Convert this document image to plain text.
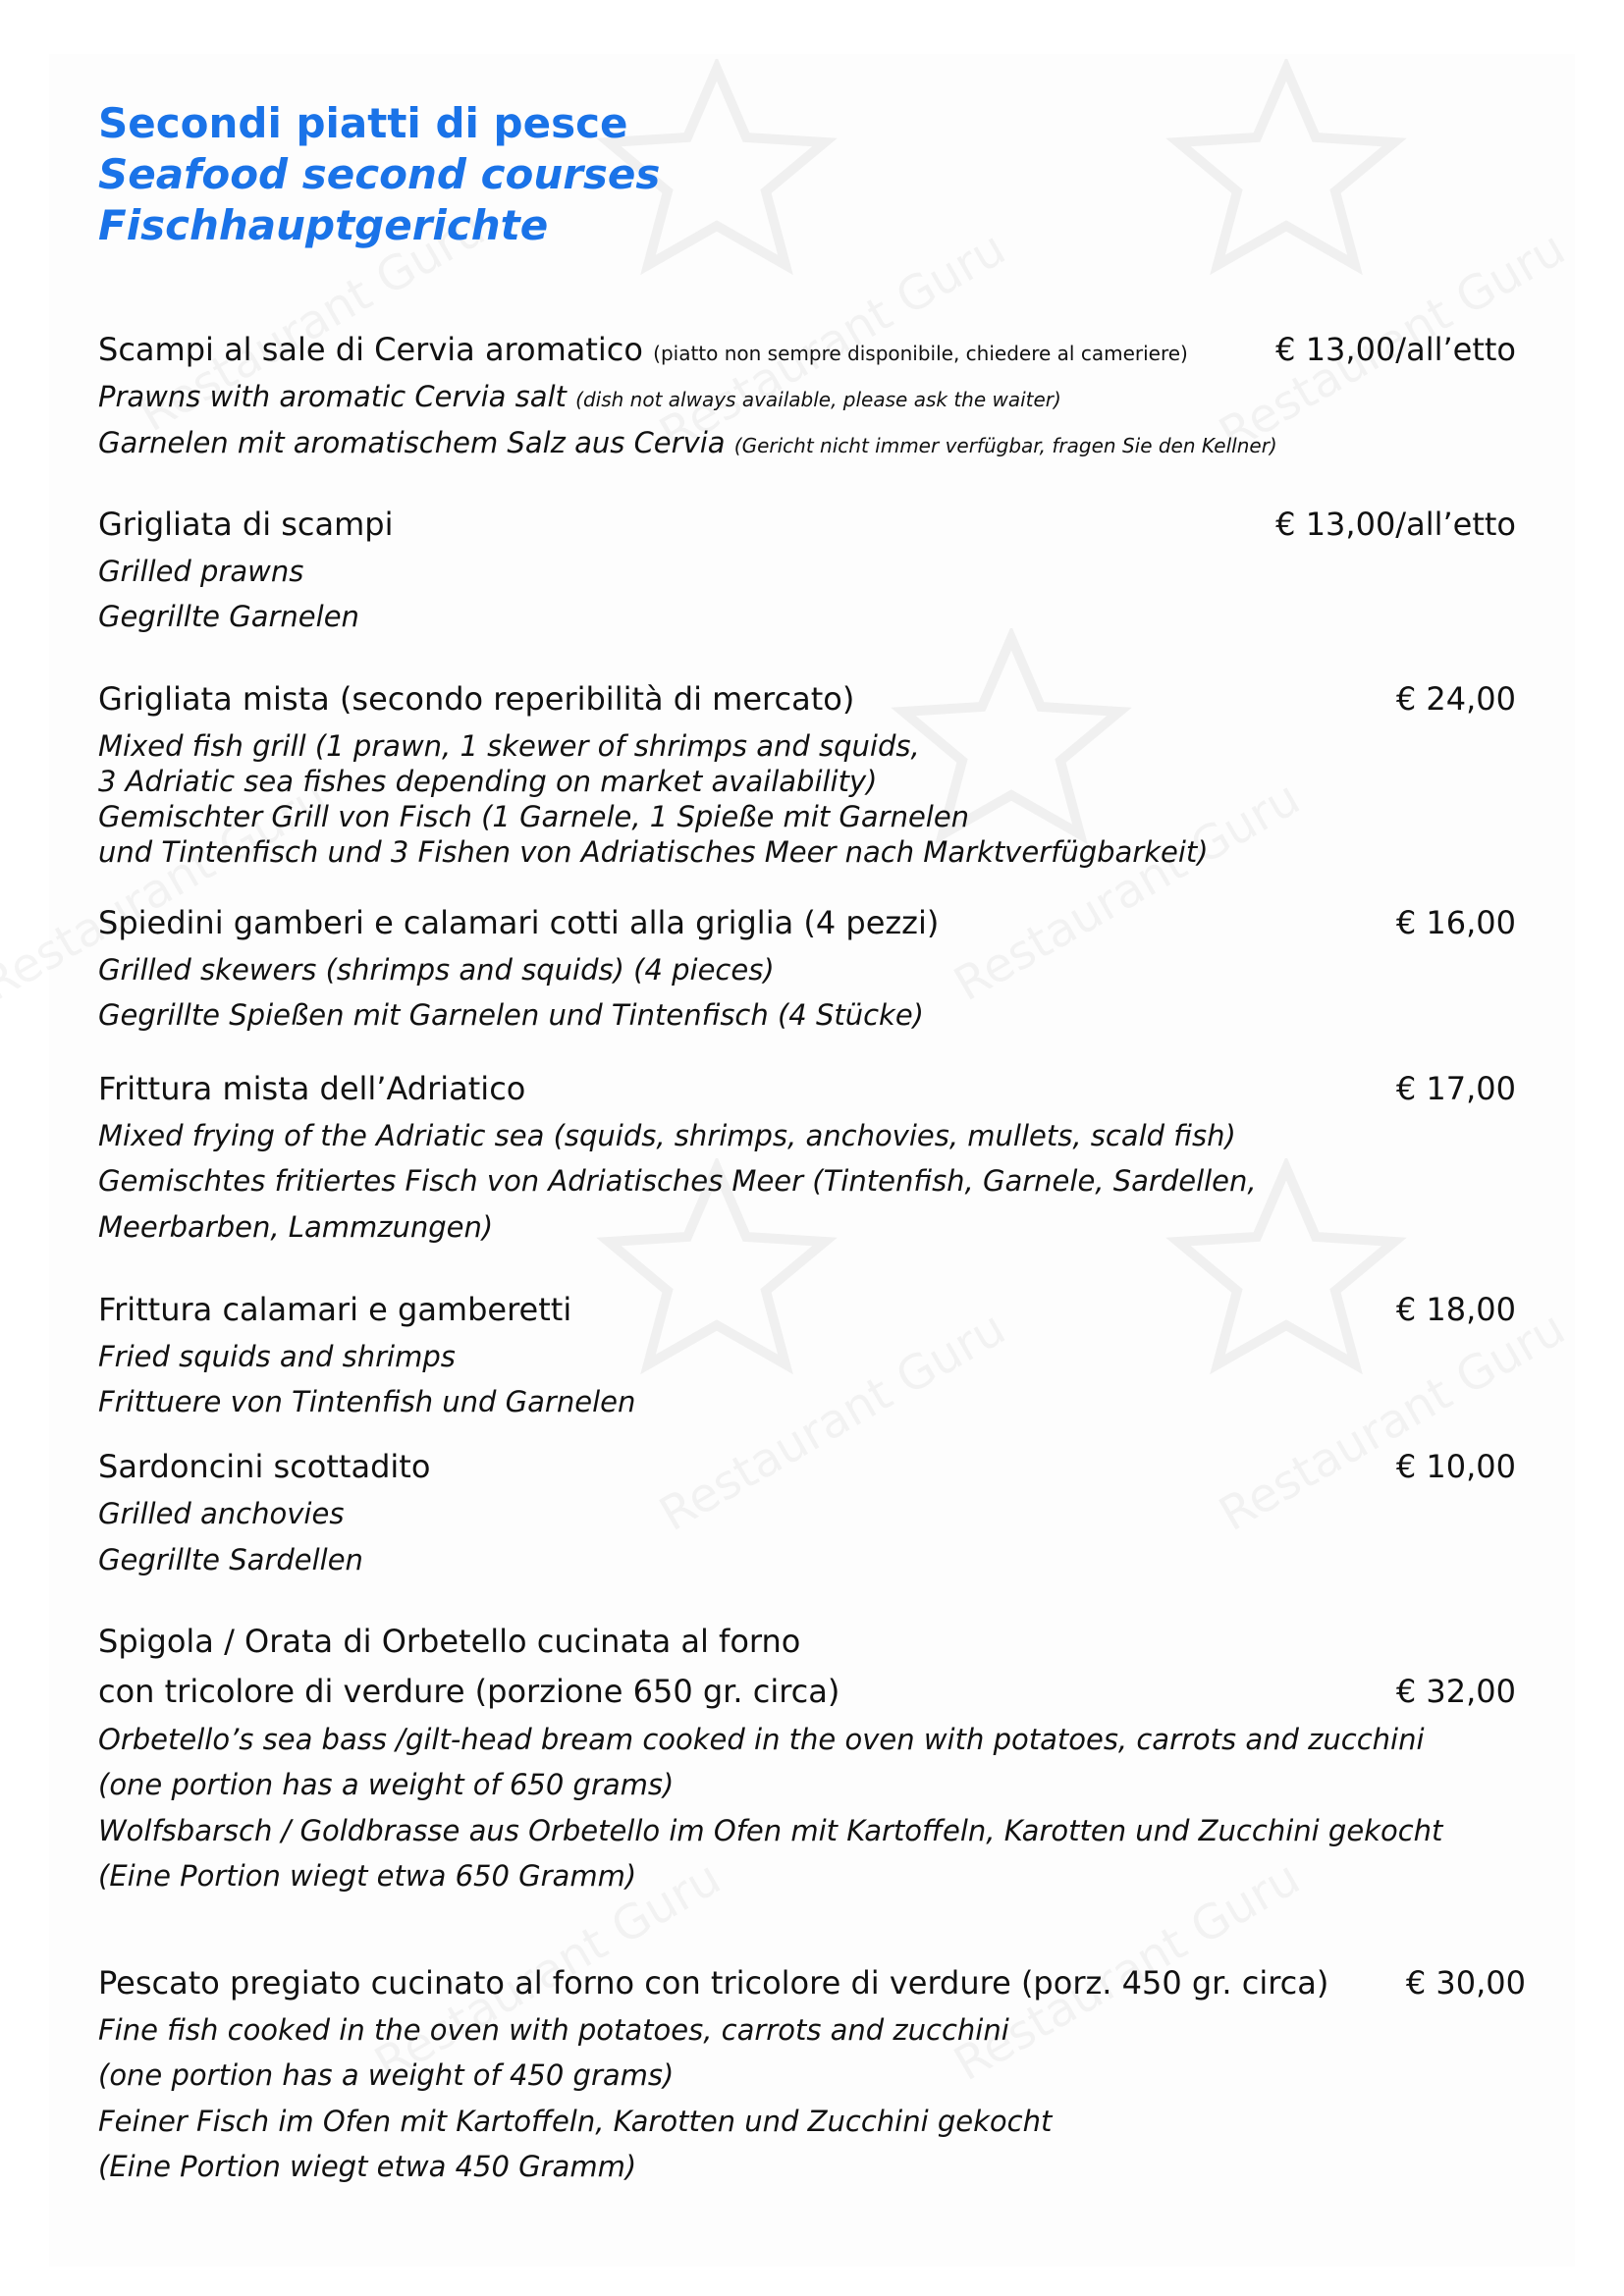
Secondi piatti di pesce
Seafood second courses
Fischhauptgerichte
Scampi al sale di Cervia aromatico (piatto non sempre disponibile, chiedere al cameriere)	€ 13,00/all’etto
Prawns with aromatic Cervia salt (dish not always available, please ask the waiter)
Garnelen mit aromatischem Salz aus Cervia (Gericht nicht immer verfügbar, fragen Sie den Kellner)
Grigliata di scampi	€ 13,00/all’etto
Grilled prawns
Gegrillte Garnelen
Grigliata mista (secondo reperibilità di mercato)	€ 24,00
Mixed fish grill (1 prawn, 1 skewer of shrimps and squids,
3 Adriatic sea fishes depending on market availability)
Gemischter Grill von Fisch (1 Garnele, 1 Spieße mit Garnelen
und Tintenfisch und 3 Fishen von Adriatisches Meer nach Marktverfügbarkeit)
Spiedini gamberi e calamari cotti alla griglia (4 pezzi)	€ 16,00
Grilled skewers (shrimps and squids) (4 pieces)
Gegrillte Spießen mit Garnelen und Tintenfisch (4 Stücke)
Frittura mista dell’Adriatico	€ 17,00
Mixed frying of the Adriatic sea (squids, shrimps, anchovies, mullets, scald fish)
Gemischtes fritiertes Fisch von Adriatisches Meer (Tintenfish, Garnele, Sardellen,
Meerbarben, Lammzungen)
Frittura calamari e gamberetti	€ 18,00
Fried squids and shrimps
Frittuere von Tintenfish und Garnelen
Sardoncini scottadito	€ 10,00
Grilled anchovies
Gegrillte Sardellen
Spigola / Orata di Orbetello cucinata al forno
con tricolore di verdure (porzione 650 gr. circa)	€ 32,00
Orbetello’s sea bass /gilt-head bream cooked in the oven with potatoes, carrots and zucchini
(one portion has a weight of 650 grams)
Wolfsbarsch / Goldbrasse aus Orbetello im Ofen mit Kartoffeln, Karotten und Zucchini gekocht
(Eine Portion wiegt etwa 650 Gramm)
Pescato pregiato cucinato al forno con tricolore di verdure (porz. 450 gr. circa) € 30,00
Fine fish cooked in the oven with potatoes, carrots and zucchini
(one portion has a weight of 450 grams)
Feiner Fisch im Ofen mit Kartoffeln, Karotten und Zucchini gekocht
(Eine Portion wiegt etwa 450 Gramm)
